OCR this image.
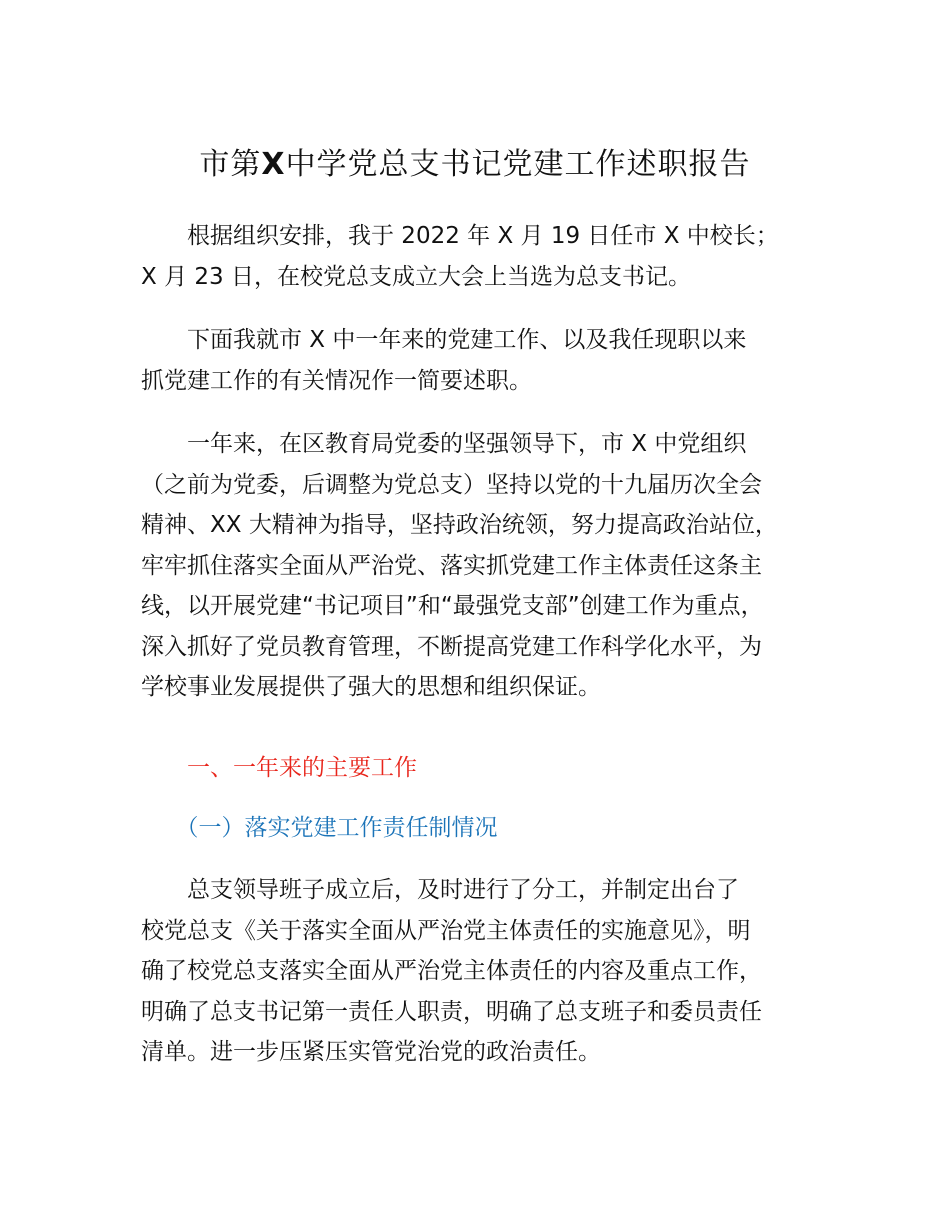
市第X中学党总支书记党建工作述职报告

　　根据组织安排，我于 2022 年 X 月 19 日任市 X 中校长；
X 月 23 日，在校党总支成立大会上当选为总支书记。

　　下面我就市 X 中一年来的党建工作、以及我任现职以来
抓党建工作的有关情况作一简要述职。

　　一年来，在区教育局党委的坚强领导下，市 X 中党组织
（之前为党委，后调整为党总支）坚持以党的十九届历次全会
精神、XX 大精神为指导，坚持政治统领，努力提高政治站位，
牢牢抓住落实全面从严治党、落实抓党建工作主体责任这条主
线，以开展党建“书记项目”和“最强党支部”创建工作为重点，
深入抓好了党员教育管理，不断提高党建工作科学化水平，为
学校事业发展提供了强大的思想和组织保证。

　　一、一年来的主要工作

　　（一）落实党建工作责任制情况

　　总支领导班子成立后，及时进行了分工，并制定出台了
校党总支《关于落实全面从严治党主体责任的实施意见》，明
确了校党总支落实全面从严治党主体责任的内容及重点工作，
明确了总支书记第一责任人职责，明确了总支班子和委员责任
清单。进一步压紧压实管党治党的政治责任。
